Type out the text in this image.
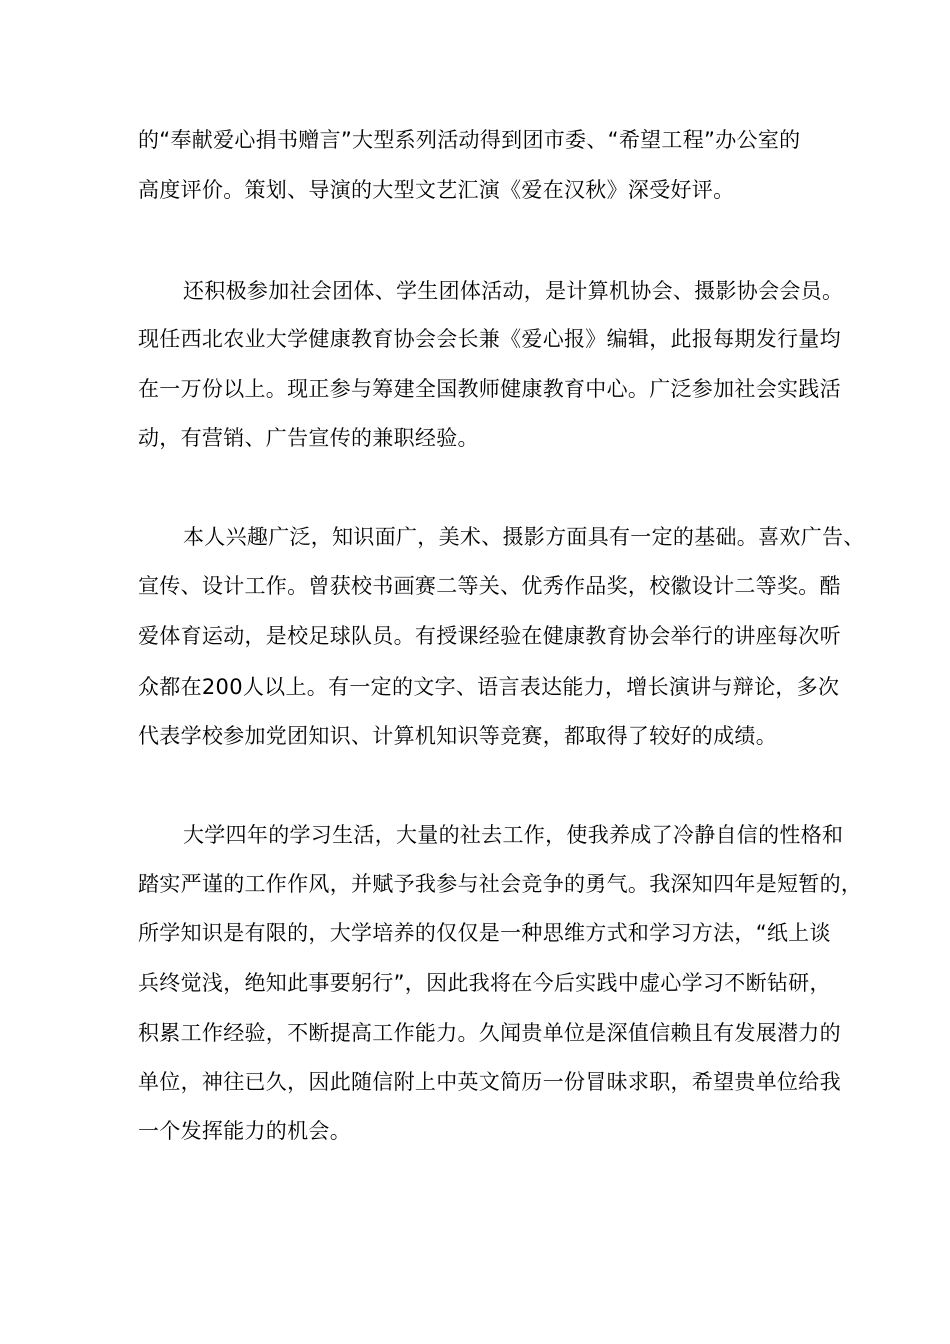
的“奉献爱心捐书赠言”大型系列活动得到团市委、“希望工程”办公室的
高度评价。策划、导演的大型文艺汇演《爱在汉秋》深受好评。
还积极参加社会团体、学生团体活动，是计算机协会、摄影协会会员。
现任西北农业大学健康教育协会会长兼《爱心报》编辑，此报每期发行量均
在一万份以上。现正参与筹建全国教师健康教育中心。广泛参加社会实践活
动，有营销、广告宣传的兼职经验。
本人兴趣广泛，知识面广，美术、摄影方面具有一定的基础。喜欢广告、
宣传、设计工作。曾获校书画赛二等关、优秀作品奖，校徽设计二等奖。酷
爱体育运动，是校足球队员。有授课经验在健康教育协会举行的讲座每次听
众都在200人以上。有一定的文字、语言表达能力，增长演讲与辩论，多次
代表学校参加党团知识、计算机知识等竞赛，都取得了较好的成绩。
大学四年的学习生活，大量的社去工作，使我养成了冷静自信的性格和
踏实严谨的工作作风，并赋予我参与社会竞争的勇气。我深知四年是短暂的，
所学知识是有限的，大学培养的仅仅是一种思维方式和学习方法，“纸上谈
兵终觉浅，绝知此事要躬行”，因此我将在今后实践中虚心学习不断钻研，
积累工作经验，不断提高工作能力。久闻贵单位是深值信赖且有发展潜力的
单位，神往已久，因此随信附上中英文简历一份冒昧求职，希望贵单位给我
一个发挥能力的机会。
